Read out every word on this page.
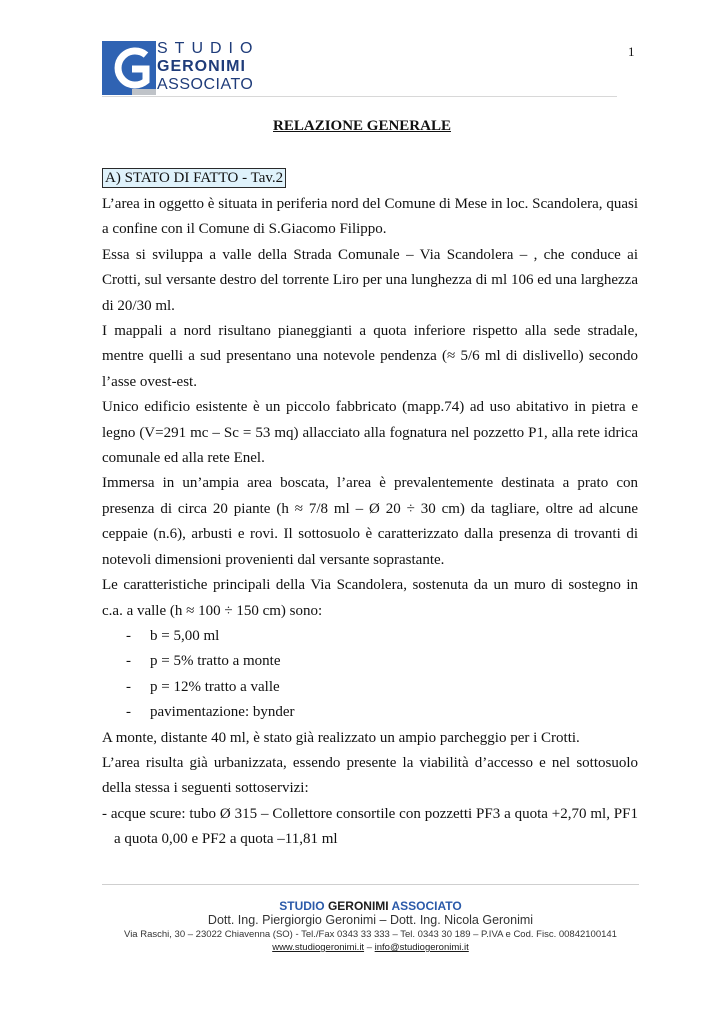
1
STUDIO
GERONIMI
ASSOCIATO
RELAZIONE GENERALE
A) STATO DI FATTO - Tav.2

L’area in oggetto è situata in periferia nord del Comune di Mese in loc. Scandolera, quasi a confine con il Comune di S.Giacomo Filippo.

Essa si sviluppa a valle della Strada Comunale – Via Scandolera – , che conduce ai Crotti, sul versante destro del torrente Liro per una lunghezza di ml 106 ed una larghezza di 20/30 ml.

I mappali a nord risultano pianeggianti a quota inferiore rispetto alla sede stradale, mentre quelli a sud presentano una notevole pendenza (≈ 5/6 ml di dislivello) secondo l’asse ovest-est.

Unico edificio esistente è un piccolo fabbricato (mapp.74) ad uso abitativo in pietra e legno (V=291 mc – Sc = 53 mq) allacciato alla fognatura nel pozzetto P1, alla rete idrica comunale ed alla rete Enel.

Immersa in un’ampia area boscata, l’area è prevalentemente destinata a prato con presenza di circa 20 piante (h ≈ 7/8 ml – Ø 20 ÷ 30 cm) da tagliare, oltre ad alcune ceppaie (n.6), arbusti e rovi. Il sottosuolo è caratterizzato dalla presenza di trovanti di notevoli dimensioni provenienti dal versante soprastante.

Le caratteristiche principali della Via Scandolera, sostenuta da un muro di sostegno in c.a. a valle (h ≈ 100 ÷ 150 cm) sono:

-	b = 5,00 ml
-	p = 5% tratto a monte
-	p = 12% tratto a valle
-	pavimentazione: bynder

A monte, distante 40 ml, è stato già realizzato un ampio parcheggio per i Crotti.

L’area risulta già urbanizzata, essendo presente la viabilità d’accesso e nel sottosuolo della stessa i seguenti sottoservizi:

- acque scure: tubo Ø 315 – Collettore consortile con pozzetti PF3 a quota +2,70 ml, PF1 a quota 0,00 e PF2 a quota –11,81 ml

STUDIO GERONIMI ASSOCIATO
Dott. Ing. Piergiorgio Geronimi – Dott. Ing. Nicola Geronimi
Via Raschi, 30 – 23022 Chiavenna (SO) - Tel./Fax 0343 33 333 – Tel. 0343 30 189 – P.IVA e Cod. Fisc. 00842100141
www.studiogeronimi.it – info@studiogeronimi.it
